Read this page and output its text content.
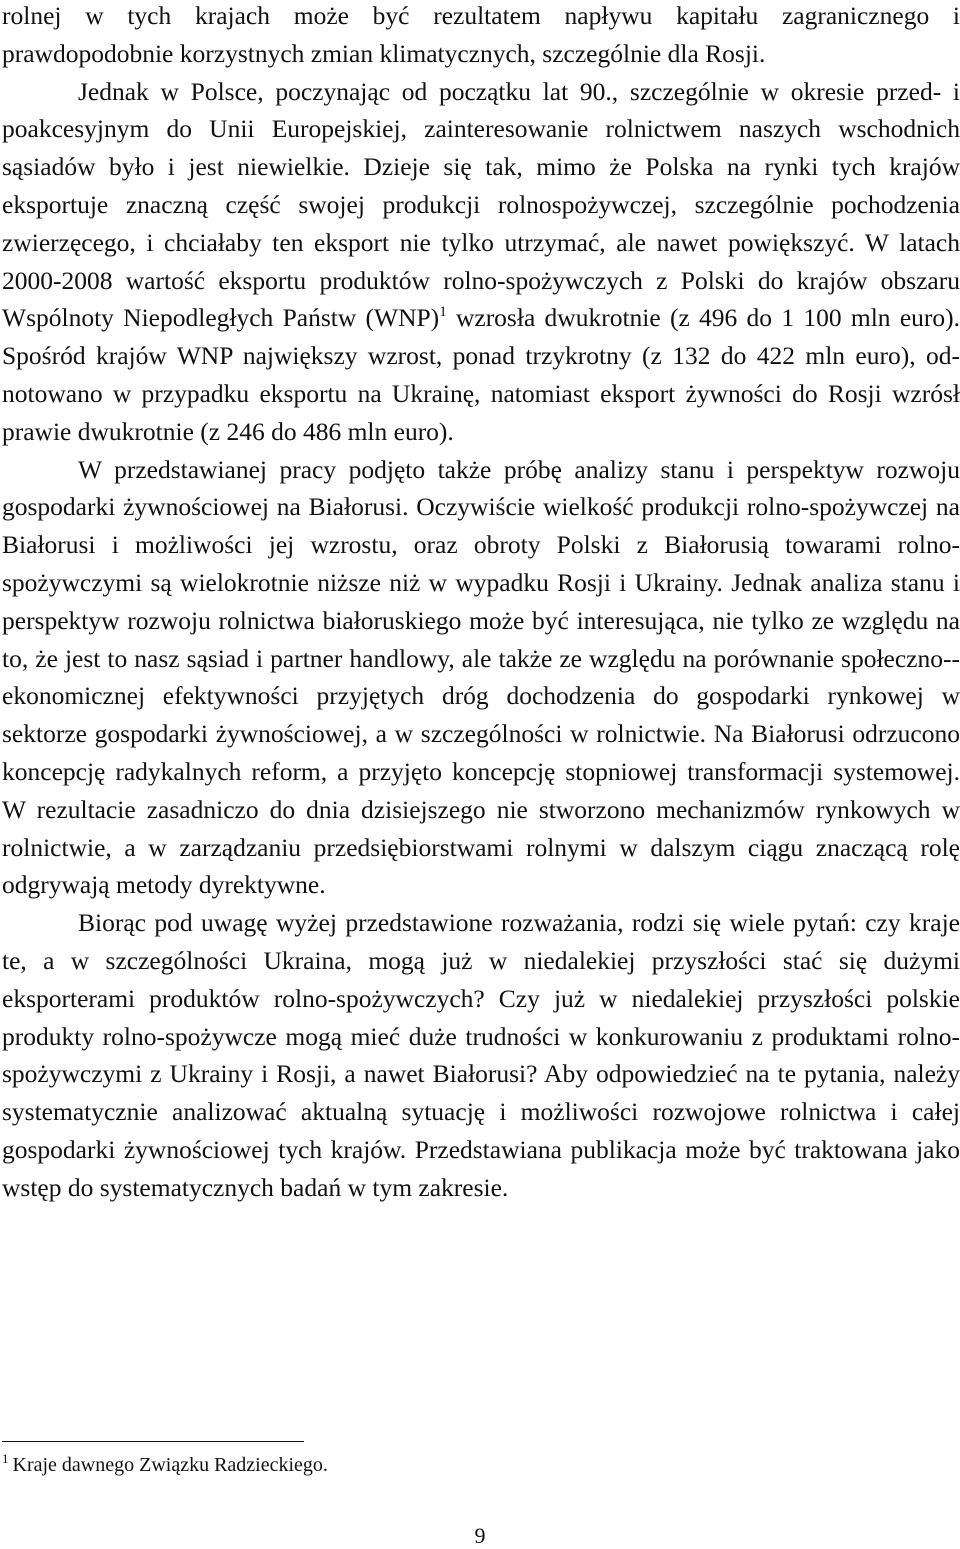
rolnej w tych krajach może być rezultatem napływu kapitału zagranicznego i prawdopodobnie korzystnych zmian klimatycznych, szczególnie dla Rosji.

Jednak w Polsce, poczynając od początku lat 90., szczególnie w okresie przed- i poakcesyjnym do Unii Europejskiej, zainteresowanie rolnictwem naszych wschodnich sąsiadów było i jest niewielkie. Dzieje się tak, mimo że Polska na rynki tych krajów eksportuje znaczną część swojej produkcji rolnospożywczej, szczególnie pochodzenia zwierzęcego, i chciałaby ten eksport nie tylko utrzymać, ale nawet powiększyć. W latach 2000-2008 wartość eksportu produktów rolno-spożywczych z Polski do krajów obszaru Wspólnoty Niepodległych Państw (WNP)$^1$ wzrosła dwukrotnie (z 496 do 1 100 mln euro). Spośród krajów WNP największy wzrost, ponad trzykrotny (z 132 do 422 mln euro), odnotowano w przypadku eksportu na Ukrainę, natomiast eksport żywności do Rosji wzrósł prawie dwukrotnie (z 246 do 486 mln euro).

W przedstawianej pracy podjęto także próbę analizy stanu i perspektyw rozwoju gospodarki żywnościowej na Białorusi. Oczywiście wielkość produkcji rolno-spożywczej na Białorusi i możliwości jej wzrostu, oraz obroty Polski z Białorusią towarami rolno-spożywczymi są wielokrotnie niższe niż w wypadku Rosji i Ukrainy. Jednak analiza stanu i perspektyw rozwoju rolnictwa białoruskiego może być interesująca, nie tylko ze względu na to, że jest to nasz sąsiad i partner handlowy, ale także ze względu na porównanie społeczno--ekonomicznej efektywności przyjętych dróg dochodzenia do gospodarki rynkowej w sektorze gospodarki żywnościowej, a w szczególności w rolnictwie. Na Białorusi odrzucono koncepcję radykalnych reform, a przyjęto koncepcję stopniowej transformacji systemowej. W rezultacie zasadniczo do dnia dzisiejszego nie stworzono mechanizmów rynkowych w rolnictwie, a w zarządzaniu przedsiębiorstwami rolnymi w dalszym ciągu znaczącą rolę odgrywają metody dyrektywne.

Biorąc pod uwagę wyżej przedstawione rozważania, rodzi się wiele pytań: czy kraje te, a w szczególności Ukraina, mogą już w niedalekiej przyszłości stać się dużymi eksporterami produktów rolno-spożywczych? Czy już w niedalekiej przyszłości polskie produkty rolno-spożywcze mogą mieć duże trudności w konkurowaniu z produktami rolno-spożywczymi z Ukrainy i Rosji, a nawet Białorusi? Aby odpowiedzieć na te pytania, należy systematycznie analizować aktualną sytuację i możliwości rozwojowe rolnictwa i całej gospodarki żywnościowej tych krajów. Przedstawiana publikacja może być traktowana jako wstęp do systematycznych badań w tym zakresie.

$^1$ Kraje dawnego Związku Radzieckiego.
9
